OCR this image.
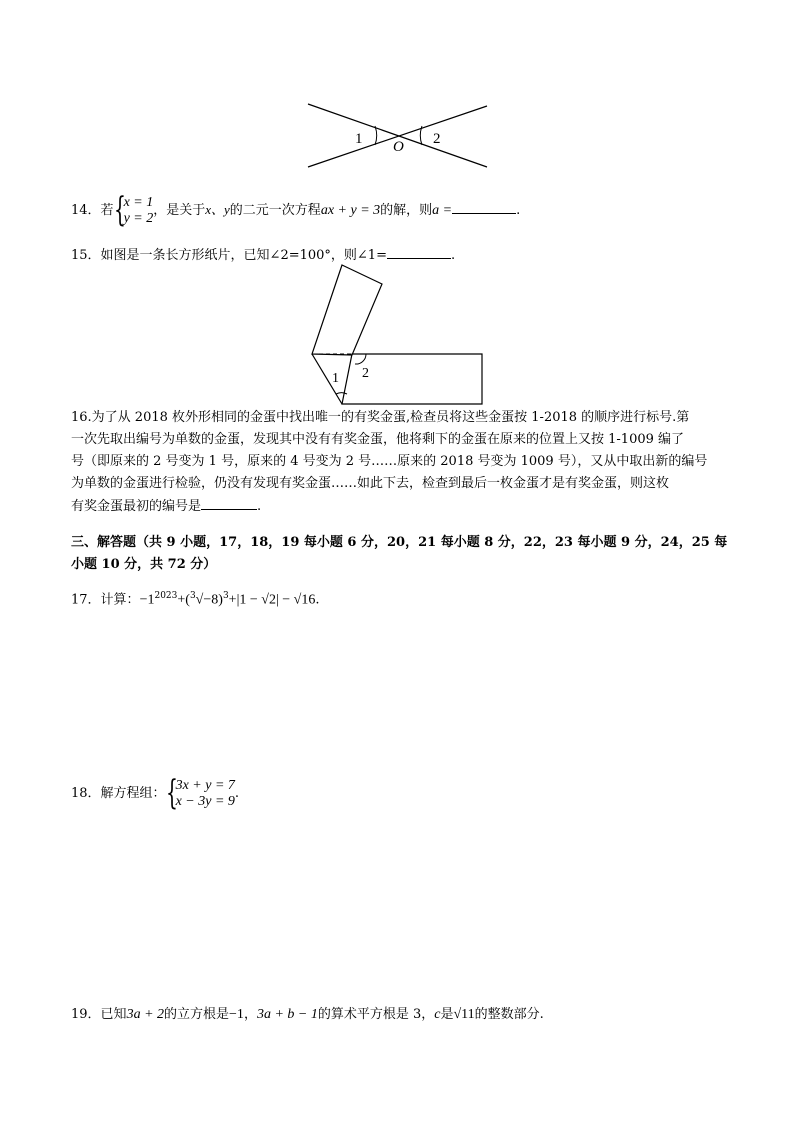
1	2
O
14．若 {
x = 1
y = 2 ，是关于x、y的二元一次方程ax + y = 3的解，则a =	.
15．如图是一条长方形纸片，已知∠2=100°，则∠1=	.
1 2
16.为了从 2018 枚外形相同的金蛋中找出唯一的有奖金蛋,检查员将这些金蛋按 1-2018 的顺序进行标号.第
一次先取出编号为单数的金蛋，发现其中没有有奖金蛋，他将剩下的金蛋在原来的位置上又按 1-1009 编了
号（即原来的 2 号变为 1 号，原来的 4 号变为 2 号……原来的 2018 号变为 1009 号），又从中取出新的编号
为单数的金蛋进行检验，仍没有发现有奖金蛋……如此下去，检查到最后一枚金蛋才是有奖金蛋，则这枚
有奖金蛋最初的编号是	.
三、解答题（共 9 小题，17，18，19 每小题 6 分，20，21 每小题 8 分，22，23 每小题 9 分，24，25 每
小题 10 分，共 72 分）
17．计算：$-1^{2023}+(^3√-8)^3+|1 - √2| - √16$.
18．解方程组： {
3x + y = 7
x − 3y = 9 .
19．已知3a + 2的立方根是−1，3a + b − 1的算术平方根是 3，c是√11的整数部分.
